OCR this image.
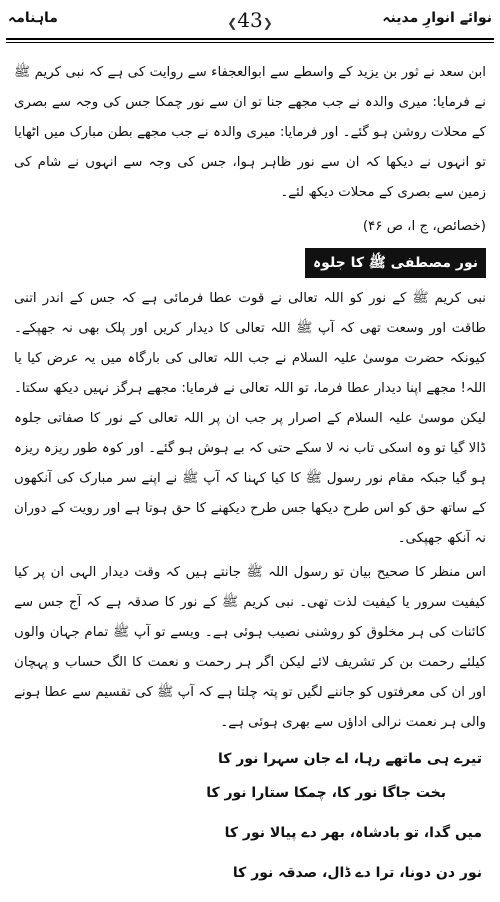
ماہنامہ	❮43❯	نوائے انوارِ مدینہ

ابن سعد نے ثور بن یزید کے واسطے سے ابوالعجفاء سے روایت کی ہے کہ نبی کریم ﷺ نے فرمایا: میری والدہ نے جب مجھے جنا تو ان سے نور چمکا جس کی وجہ سے بصری کے محلات روشن ہو گئے۔ اور فرمایا: میری والدہ نے جب مجھے بطن مبارک میں اٹھایا تو انہوں نے دیکھا کہ ان سے نور ظاہر ہوا، جس کی وجہ سے انہوں نے شام کی زمین سے بصری کے محلات دیکھ لئے۔

(خصائص، ج ا، ص ۴۶)
نور مصطفی ﷺ کا جلوہ

نبی کریم ﷺ کے نور کو اللہ تعالی نے قوت عطا فرمائی ہے کہ جس کے اندر اتنی طاقت اور وسعت تھی کہ آپ ﷺ اللہ تعالی کا دیدار کریں اور پلک بھی نہ جھپکے۔ کیونکہ حضرت موسیٰ علیہ السلام نے جب اللہ تعالی کی بارگاہ میں یہ عرض کیا یا اللہ! مجھے اپنا دیدار عطا فرما، تو اللہ تعالی نے فرمایا: مجھے ہرگز نہیں دیکھ سکتا۔ لیکن موسیٰ علیہ السلام کے اصرار پر جب ان پر اللہ تعالی کے نور کا صفاتی جلوہ ڈالا گیا تو وہ اسکی تاب نہ لا سکے حتی کہ بے ہوش ہو گئے۔ اور کوہ طور ریزہ ریزہ ہو گیا جبکہ مقام نور رسول ﷺ کا کیا کہنا کہ آپ ﷺ نے اپنے سر مبارک کی آنکھوں کے ساتھ حق کو اس طرح دیکھا جس طرح دیکھنے کا حق ہوتا ہے اور رویت کے دوران نہ آنکھ جھپکی۔

اس منظر کا صحیح بیان تو رسول اللہ ﷺ جانتے ہیں کہ وقت دیدار الہی ان پر کیا کیفیت سرور یا کیفیت لذت تھی۔ نبی کریم ﷺ کے نور کا صدقہ ہے کہ آج جس سے کائنات کی ہر مخلوق کو روشنی نصیب ہوئی ہے۔ ویسے تو آپ ﷺ تمام جہان والوں کیلئے رحمت بن کر تشریف لائے لیکن اگر ہر رحمت و نعمت کا الگ حساب و پہچان اور ان کی معرفتوں کو جاننے لگیں تو پتہ چلتا ہے کہ آپ ﷺ کی تقسیم سے عطا ہونے والی ہر نعمت نرالی اداؤں سے بھری ہوئی ہے۔

تیرے ہی ماتھے رہا، اے جان سہرا نور کا
بخت جاگا نور کا، چمکا ستارا نور کا
میں گدا، تو بادشاہ، بھر دے پیالا نور کا
نور دن دونا، ترا دے ڈال، صدقہ نور کا
